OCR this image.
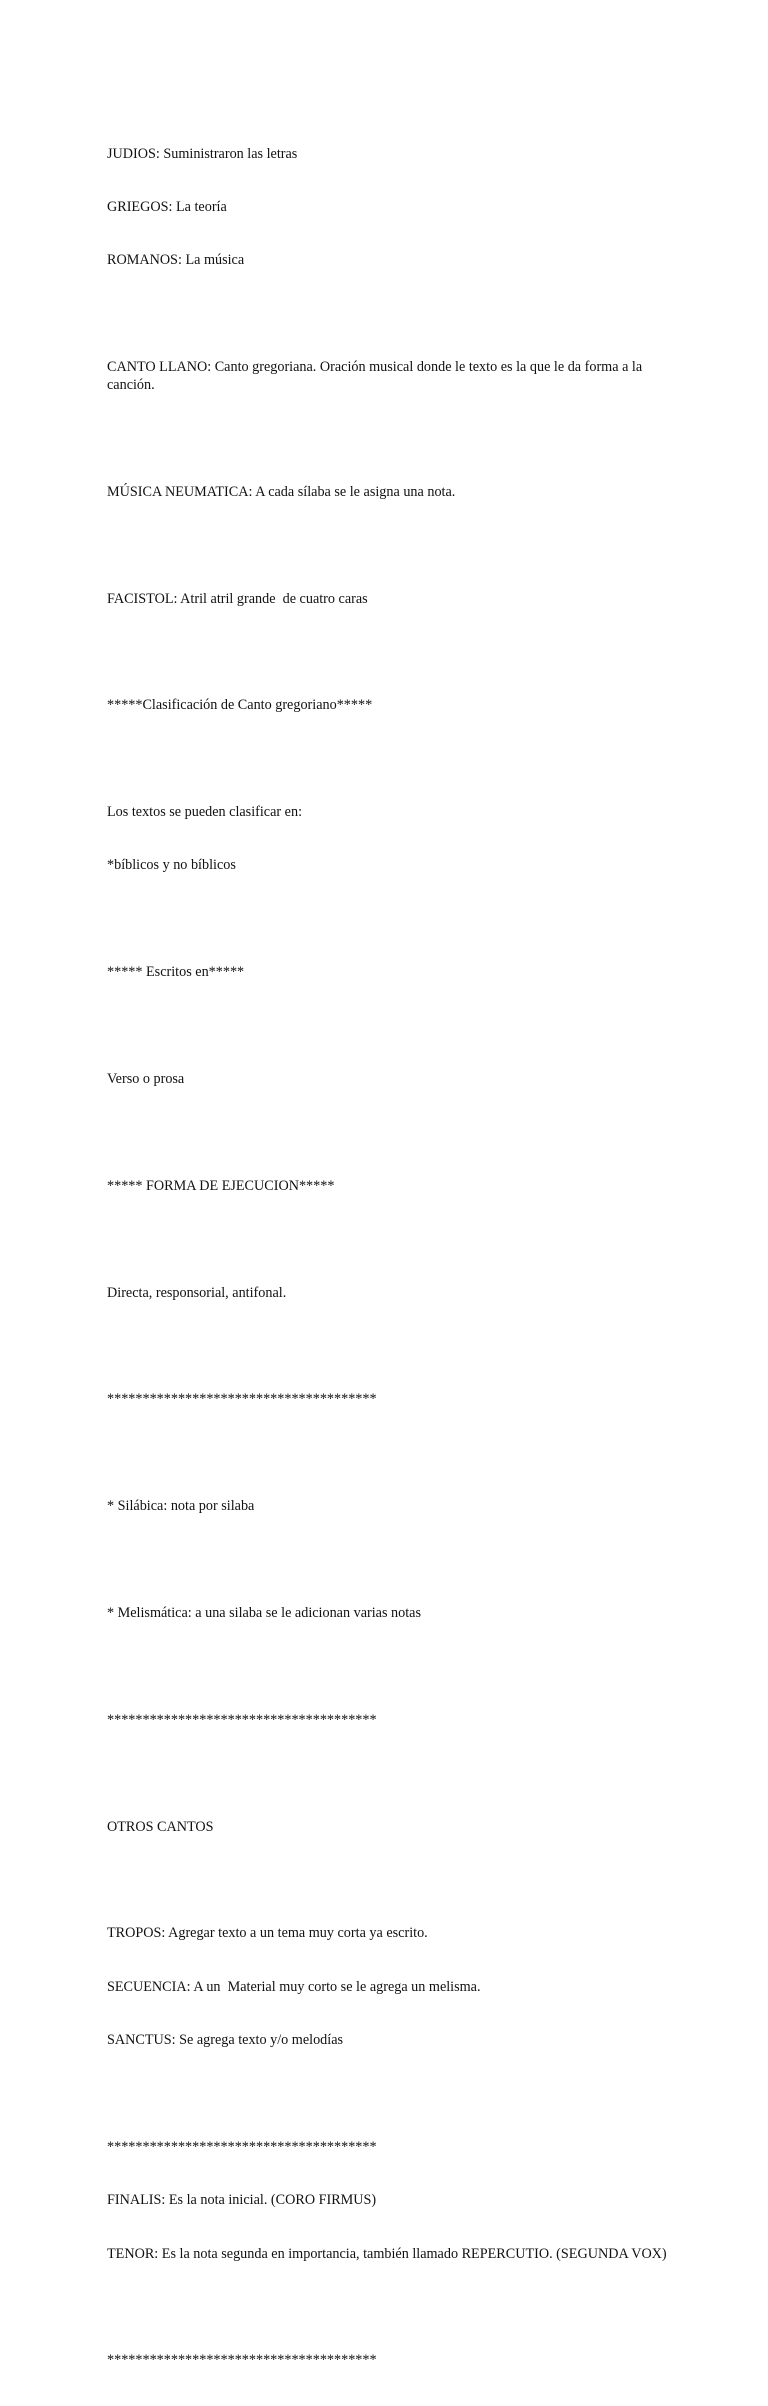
JUDIOS: Suministraron las letras

GRIEGOS: La teoría

ROMANOS: La música

CANTO LLANO: Canto gregoriana. Oración musical donde le texto es la que le da forma a la canción.

MÚSICA NEUMATICA: A cada sílaba se le asigna una nota.

FACISTOL: Atril atril grande  de cuatro caras

*****Clasificación de Canto gregoriano*****

Los textos se pueden clasificar en:

*bíblicos y no bíblicos

***** Escritos en*****

Verso o prosa

***** FORMA DE EJECUCION*****

Directa, responsorial, antifonal.

**************************************

* Silábica: nota por silaba

* Melismática: a una silaba se le adicionan varias notas

**************************************

OTROS CANTOS

TROPOS: Agregar texto a un tema muy corta ya escrito.

SECUENCIA: A un  Material muy corto se le agrega un melisma.

SANCTUS: Se agrega texto y/o melodías

**************************************

FINALIS: Es la nota inicial. (CORO FIRMUS)

TENOR: Es la nota segunda en importancia, también llamado REPERCUTIO. (SEGUNDA VOX)

**************************************
